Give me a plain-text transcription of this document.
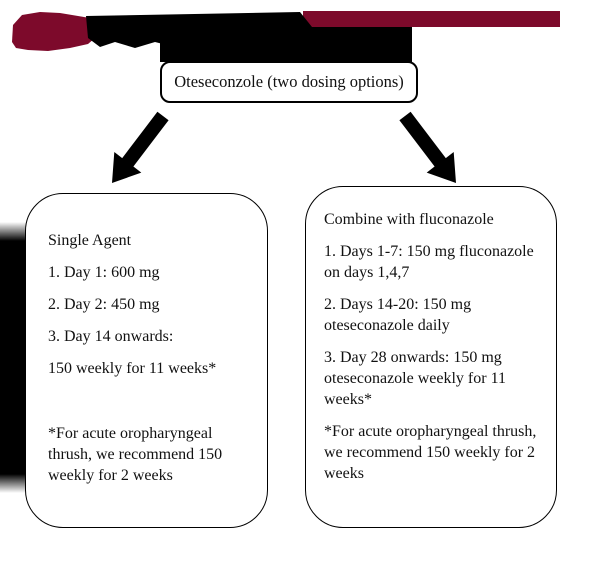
Oteseconzole (two dosing options)

Single Agent

1. Day 1: 600 mg

2. Day 2: 450 mg

3. Day 14 onwards:

150 weekly for 11 weeks*

*For acute oropharyngeal thrush, we recommend 150 weekly for 2 weeks

Combine with fluconazole

1. Days 1-7: 150 mg fluconazole on days 1,4,7

2. Days 14-20: 150 mg oteseconazole daily

3. Day 28 onwards: 150 mg oteseconazole weekly for 11 weeks*

*For acute oropharyngeal thrush, we recommend 150 weekly for 2 weeks
